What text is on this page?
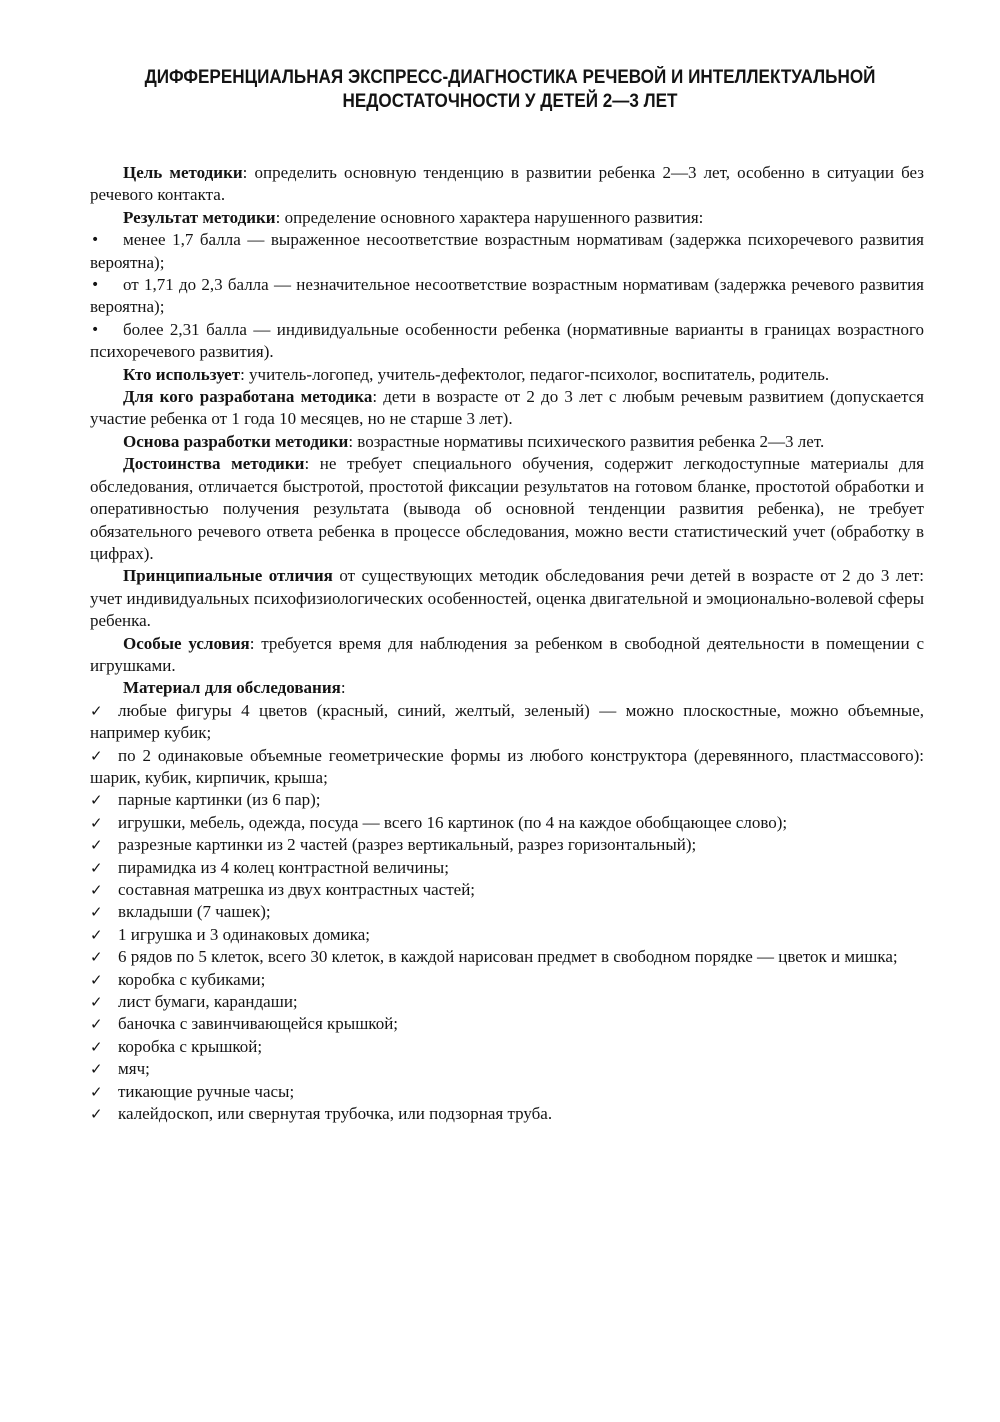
ДИФФЕРЕНЦИАЛЬНАЯ ЭКСПРЕСС-ДИАГНОСТИКА РЕЧЕВОЙ И ИНТЕЛЛЕКТУАЛЬНОЙ
НЕДОСТАТОЧНОСТИ У ДЕТЕЙ 2—3 ЛЕТ

Цель методики: определить основную тенденцию в развитии ребенка 2—3 лет, особенно в ситуации без речевого контакта.

Результат методики: определение основного характера нарушенного развития:

•	менее 1,7 балла — выраженное несоответствие возрастным нормативам (задержка психоречевого развития вероятна);

•	от 1,71 до 2,3 балла — незначительное несоответствие возрастным нормативам (задержка речевого развития вероятна);

•	более 2,31 балла — индивидуальные особенности ребенка (нормативные варианты в границах возрастного психоречевого развития).

Кто использует: учитель-логопед, учитель-дефектолог, педагог-психолог, воспитатель, родитель.

Для кого разработана методика: дети в возрасте от 2 до 3 лет с любым речевым развитием (допускается участие ребенка от 1 года 10 месяцев, но не старше 3 лет).

Основа разработки методики: возрастные нормативы психического развития ребенка 2—3 лет.

Достоинства методики: не требует специального обучения, содержит легкодоступные материалы для обследования, отличается быстротой, простотой фиксации результатов на готовом бланке, простотой обработки и оперативностью получения результата (вывода об основной тенденции развития ребенка), не требует обязательного речевого ответа ребенка в процессе обследования, можно вести статистический учет (обработку в цифрах).

Принципиальные отличия от существующих методик обследования речи детей в возрасте от 2 до 3 лет: учет индивидуальных психофизиологических особенностей, оценка двигательной и эмоционально-волевой сферы ребенка.

Особые условия: требуется время для наблюдения за ребенком в свободной деятельности в помещении с игрушками.

Материал для обследования:

✓ любые фигуры 4 цветов (красный, синий, желтый, зеленый) — можно плоскостные, можно объемные, например кубик;

✓ по 2 одинаковые объемные геометрические формы из любого конструктора (деревянного, пластмассового): шарик, кубик, кирпичик, крыша;

✓ парные картинки (из 6 пар);

✓ игрушки, мебель, одежда, посуда — всего 16 картинок (по 4 на каждое обобщающее слово);

✓ разрезные картинки из 2 частей (разрез вертикальный, разрез горизонтальный);

✓ пирамидка из 4 колец контрастной величины;

✓ составная матрешка из двух контрастных частей;

✓ вкладыши (7 чашек);

✓ 1 игрушка и 3 одинаковых домика;

✓ 6 рядов по 5 клеток, всего 30 клеток, в каждой нарисован предмет в свободном порядке — цветок и мишка;

✓ коробка с кубиками;

✓ лист бумаги, карандаши;

✓ баночка с завинчивающейся крышкой;

✓ коробка с крышкой;

✓ мяч;

✓ тикающие ручные часы;

✓ калейдоскоп, или свернутая трубочка, или подзорная труба.
